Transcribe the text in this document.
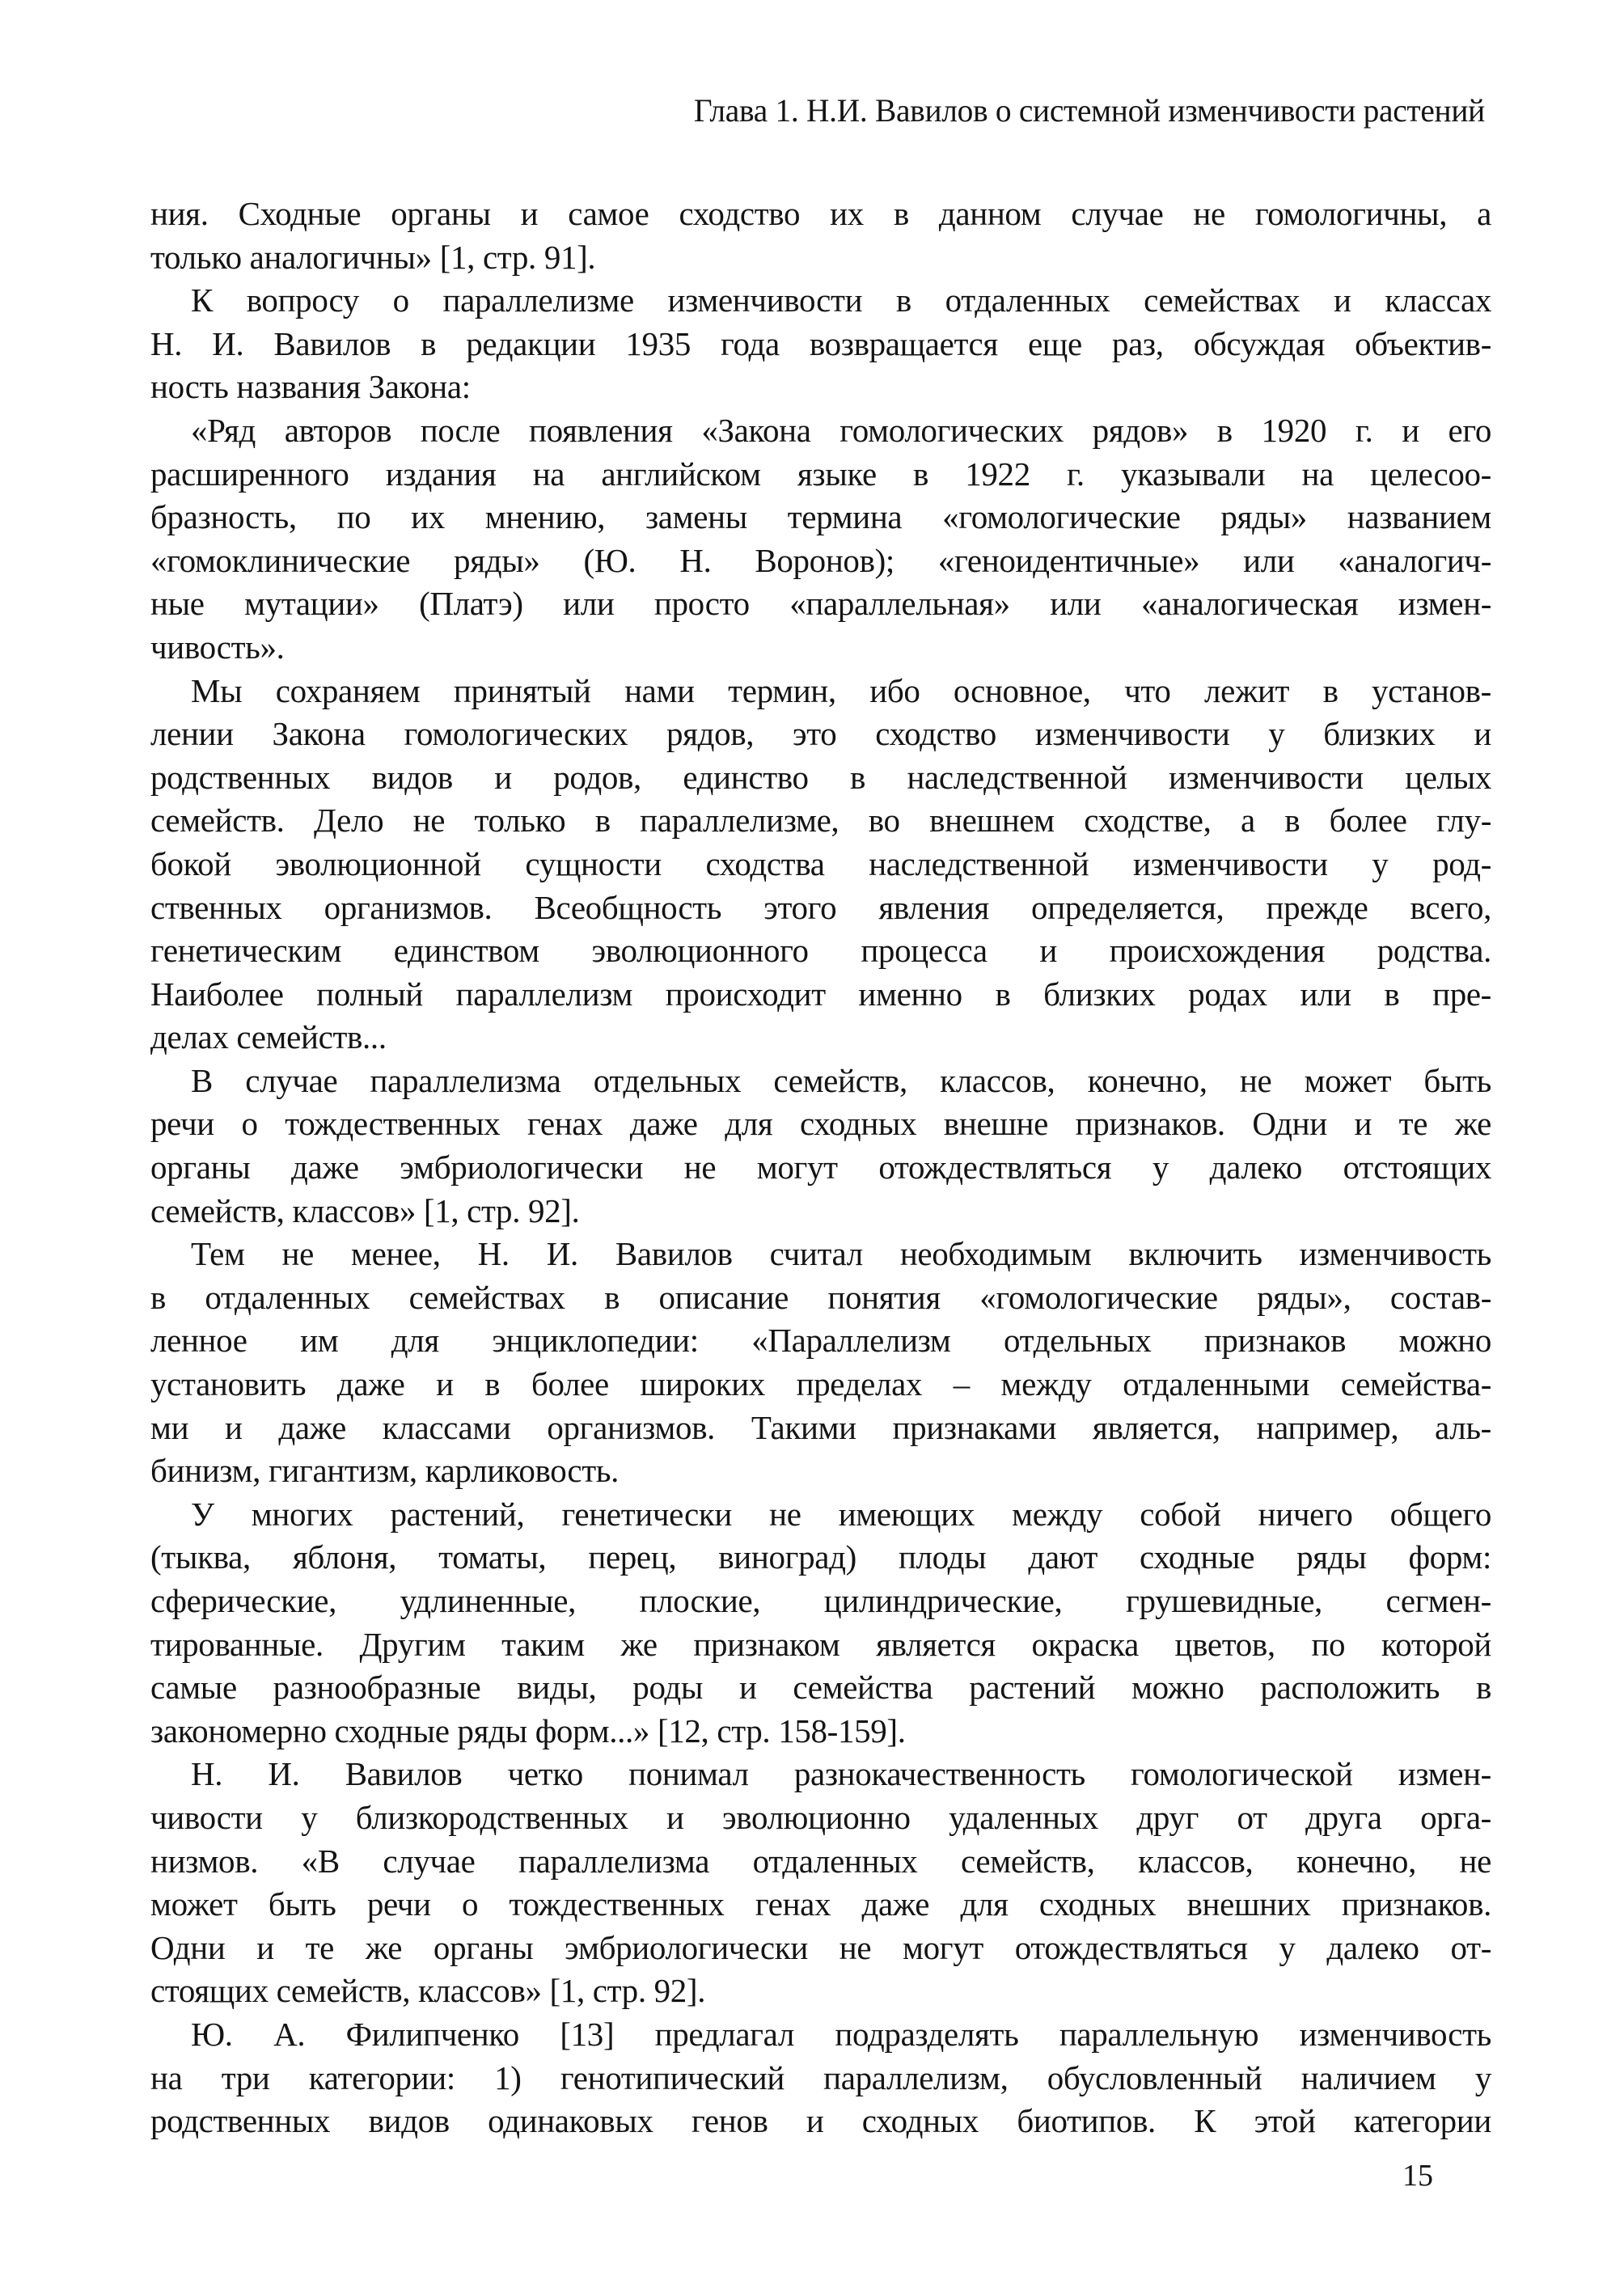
Глава 1. Н.И. Вавилов о системной изменчивости растений
ния. Сходные органы и самое сходство их в данном случае не гомологичны, а
только аналогичны» [1, стр. 91].
К вопросу о параллелизме изменчивости в отдаленных семействах и классах
Н. И. Вавилов в редакции 1935 года возвращается еще раз, обсуждая объектив-
ность названия Закона:
«Ряд авторов после появления «Закона гомологических рядов» в 1920 г. и его
расширенного издания на английском языке в 1922 г. указывали на целесоо-
бразность, по их мнению, замены термина «гомологические ряды» названием
«гомоклинические ряды» (Ю. Н. Воронов); «геноидентичные» или «аналогич-
ные мутации» (Платэ) или просто «параллельная» или «аналогическая измен-
чивость».
Мы сохраняем принятый нами термин, ибо основное, что лежит в установ-
лении Закона гомологических рядов, это сходство изменчивости у близких и
родственных видов и родов, единство в наследственной изменчивости целых
семейств. Дело не только в параллелизме, во внешнем сходстве, а в более глу-
бокой эволюционной сущности сходства наследственной изменчивости у род-
ственных организмов. Всеобщность этого явления определяется, прежде всего,
генетическим единством эволюционного процесса и происхождения родства.
Наиболее полный параллелизм происходит именно в близких родах или в пре-
делах семейств...
В случае параллелизма отдельных семейств, классов, конечно, не может быть
речи о тождественных генах даже для сходных внешне признаков. Одни и те же
органы даже эмбриологически не могут отождествляться у далеко отстоящих
семейств, классов» [1, стр. 92].
Тем не менее, Н. И. Вавилов считал необходимым включить изменчивость
в отдаленных семействах в описание понятия «гомологические ряды», состав-
ленное им для энциклопедии: «Параллелизм отдельных признаков можно
установить даже и в более широких пределах – между отдаленными семейства-
ми и даже классами организмов. Такими признаками является, например, аль-
бинизм, гигантизм, карликовость.
У многих растений, генетически не имеющих между собой ничего общего
(тыква, яблоня, томаты, перец, виноград) плоды дают сходные ряды форм:
сферические, удлиненные, плоские, цилиндрические, грушевидные, сегмен-
тированные. Другим таким же признаком является окраска цветов, по которой
самые разнообразные виды, роды и семейства растений можно расположить в
закономерно сходные ряды форм...» [12, стр. 158-159].
Н. И. Вавилов четко понимал разнокачественность гомологической измен-
чивости у близкородственных и эволюционно удаленных друг от друга орга-
низмов. «В случае параллелизма отдаленных семейств, классов, конечно, не
может быть речи о тождественных генах даже для сходных внешних признаков.
Одни и те же органы эмбриологически не могут отождествляться у далеко от-
стоящих семейств, классов» [1, стр. 92].
Ю. А. Филипченко [13] предлагал подразделять параллельную изменчивость
на три категории: 1) генотипический параллелизм, обусловленный наличием у
родственных видов одинаковых генов и сходных биотипов. К этой категории
15
